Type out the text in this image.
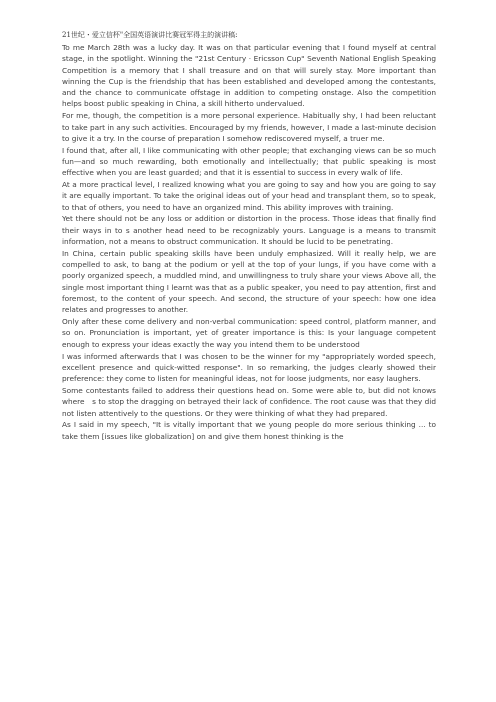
21世纪・爱立信杯"全国英语演讲比赛冠军得主的演讲稿:
To me March 28th was a lucky day. It was on that particular evening that I found myself at central stage, in the spotlight. Winning the "21st Century · Ericsson Cup" Seventh National English Speaking Competition is a memory that I shall treasure and on that will surely stay. More important than winning the Cup is the friendship that has been established and developed among the contestants, and the chance to communicate offstage in addition to competing onstage. Also the competition helps boost public speaking in China, a skill hitherto undervalued.
For me, though, the competition is a more personal experience. Habitually shy, I had been reluctant to take part in any such activities. Encouraged by my friends, however, I made a last-minute decision to give it a try. In the course of preparation I somehow rediscovered myself, a truer me.
I found that, after all, I like communicating with other people; that exchanging views can be so much fun—and so much rewarding, both emotionally and intellectually; that public speaking is most effective when you are least guarded; and that it is essential to success in every walk of life.
At a more practical level, I realized knowing what you are going to say and how you are going to say it are equally important. To take the original ideas out of your head and transplant them, so to speak, to that of others, you need to have an organized mind. This ability improves with training.
Yet there should not be any loss or addition or distortion in the process. Those ideas that finally find their ways in to s another head need to be recognizably yours. Language is a means to transmit information, not a means to obstruct communication. It should be lucid to be penetrating.
In China, certain public speaking skills have been unduly emphasized. Will it really help, we are compelled to ask, to bang at the podium or yell at the top of your lungs, if you have come with a poorly organized speech, a muddled mind, and unwillingness to truly share your views Above all, the single most important thing I learnt was that as a public speaker, you need to pay attention, first and foremost, to the content of your speech. And second, the structure of your speech: how one idea relates and progresses to another.
Only after these come delivery and non-verbal communication: speed control, platform manner, and so on. Pronunciation is important, yet of greater importance is this: Is your language competent enough to express your ideas exactly the way you intend them to be understood
I was informed afterwards that I was chosen to be the winner for my "appropriately worded speech, excellent presence and quick-witted response". In so remarking, the judges clearly showed their preference: they come to listen for meaningful ideas, not for loose judgments, nor easy laughers.
Some contestants failed to address their questions head on. Some were able to, but did not knows where　s to stop the dragging on betrayed their lack of confidence. The root cause was that they did not listen attentively to the questions. Or they were thinking of what they had prepared.
As I said in my speech, "It is vitally important that we young people do more serious thinking ... to take them [issues like globalization] on and give them honest thinking is the
